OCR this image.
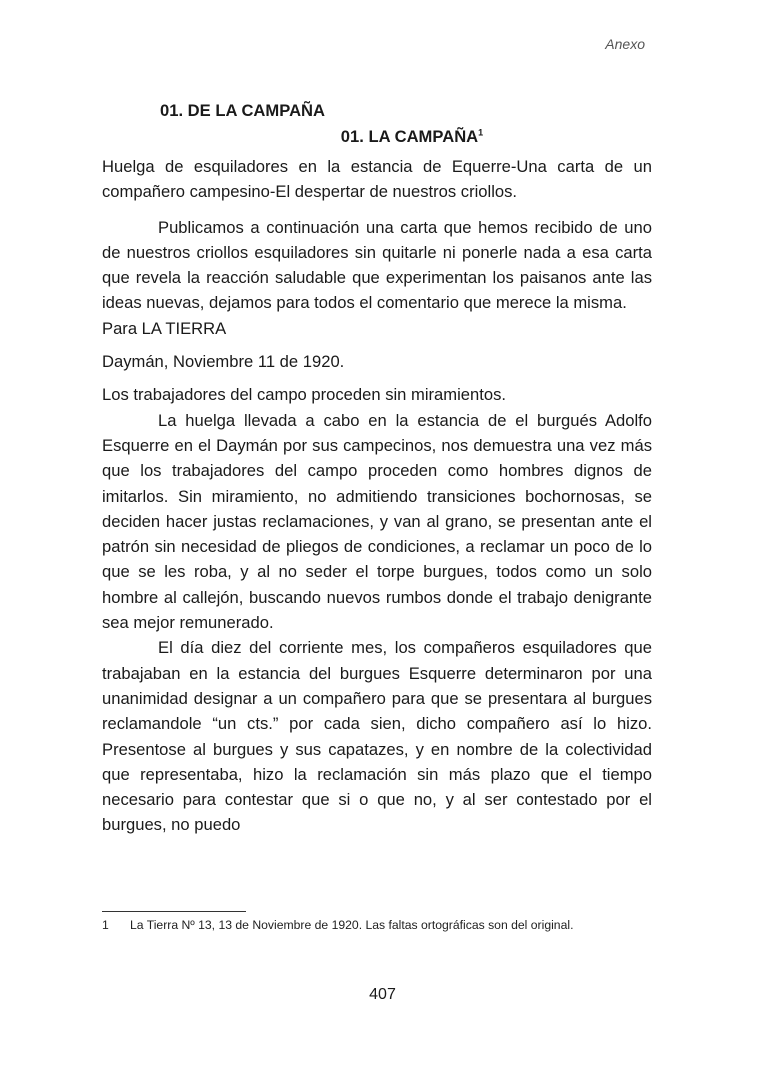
Anexo

01. DE LA CAMPAÑA

01. LA CAMPAÑA$^1$

Huelga de esquiladores en la estancia de Equerre-Una carta de un compañero campesino-El despertar de nuestros criollos.

Publicamos a continuación una carta que hemos recibido de uno de nuestros criollos esquiladores sin quitarle ni ponerle nada a esa carta que revela la reacción saludable que experimentan los paisanos ante las ideas nuevas, dejamos para todos el comentario que merece la misma.

Para LA TIERRA

Daymán, Noviembre 11 de 1920.

Los trabajadores del campo proceden sin miramientos.

La huelga llevada a cabo en la estancia de el burgués Adolfo Esquerre en el Daymán por sus campecinos, nos demuestra una vez más que los trabajadores del campo proceden como hombres dignos de imitarlos. Sin miramiento, no admitiendo transiciones bochornosas, se deciden hacer justas reclamaciones, y van al grano, se presentan ante el patrón sin necesidad de pliegos de condiciones, a reclamar un poco de lo que se les roba, y al no seder el torpe burgues, todos como un solo hombre al callejón, buscando nuevos rumbos donde el trabajo denigrante sea mejor remunerado.

El día diez del corriente mes, los compañeros esquiladores que trabajaban en la estancia del burgues Esquerre determinaron por una unanimidad designar a un compañero para que se presentara al burgues reclamandole “un cts.” por cada sien, dicho compañero así lo hizo. Presentose al burgues y sus capatazes, y en nombre de la colectividad que representaba, hizo la reclamación sin más plazo que el tiempo necesario para contestar que si o que no, y al ser contestado por el burgues, no puedo

1 La Tierra Nº 13, 13 de Noviembre de 1920. Las faltas ortográficas son del original.
407
